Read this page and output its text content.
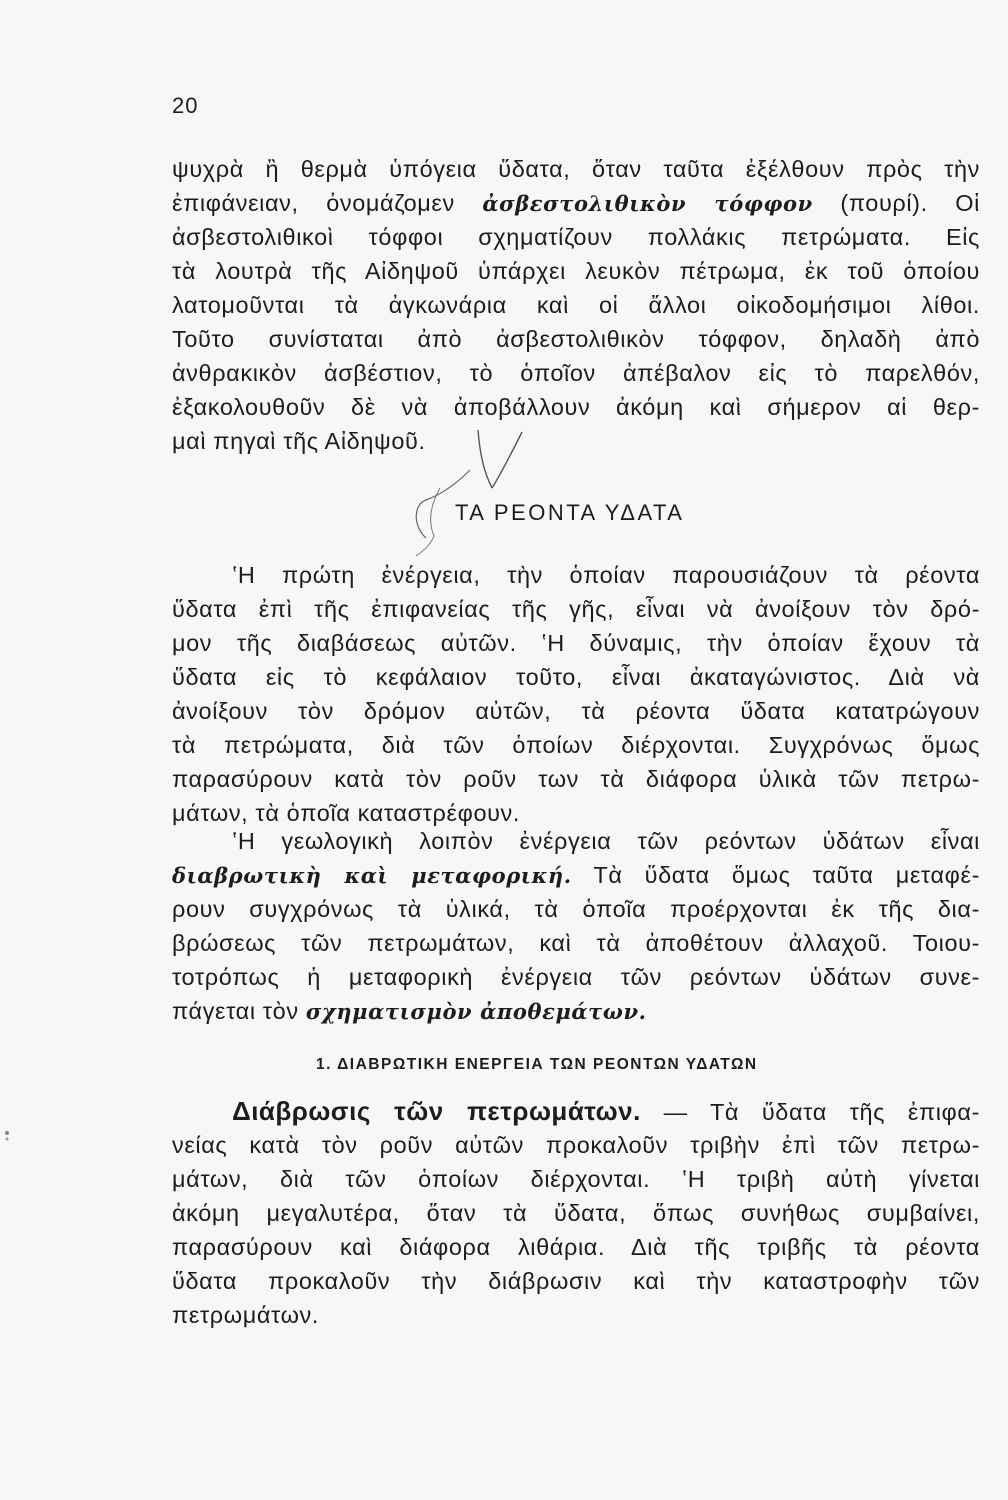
20
ψυχρὰ ἢ θερμὰ ὑπόγεια ὕδατα, ὅταν ταῦτα ἐξέλθουν πρὸς τὴν
ἐπιφάνειαν, ὀνομάζομεν ἀσβεστολιθικὸν τόφφον (πουρί). Οἱ
ἀσβεστολιθικοὶ τόφφοι σχηματίζουν πολλάκις πετρώματα. Εἰς
τὰ λουτρὰ τῆς Αἰδηψοῦ ὑπάρχει λευκὸν πέτρωμα, ἐκ τοῦ ὁποίου
λατομοῦνται τὰ ἀγκωνάρια καὶ οἱ ἄλλοι οἰκοδομήσιμοι λίθοι.
Τοῦτο συνίσταται ἀπὸ ἀσβεστολιθικὸν τόφφον, δηλαδὴ ἀπὸ
ἀνθρακικὸν ἀσβέστιον, τὸ ὁποῖον ἀπέβαλον εἰς τὸ παρελθόν,
ἐξακολουθοῦν δὲ νὰ ἀποβάλλουν ἀκόμη καὶ σήμερον αἱ θερ-
μαὶ πηγαὶ τῆς Αἰδηψοῦ.
ΤΑ ΡΕΟΝΤΑ ΥΔΑΤΑ
ʽΗ πρώτη ἐνέργεια, τὴν ὁποίαν παρουσιάζουν τὰ ρέοντα
ὕδατα ἐπὶ τῆς ἐπιφανείας τῆς γῆς, εἶναι νὰ ἀνοίξουν τὸν δρό-
μον τῆς διαβάσεως αὐτῶν. ʽΗ δύναμις, τὴν ὁποίαν ἔχουν τὰ
ὕδατα εἰς τὸ κεφάλαιον τοῦτο, εἶναι ἀκαταγώνιστος. Διὰ νὰ
ἀνοίξουν τὸν δρόμον αὐτῶν, τὰ ρέοντα ὕδατα κατατρώγουν
τὰ πετρώματα, διὰ τῶν ὁποίων διέρχονται. Συγχρόνως ὅμως
παρασύρουν κατὰ τὸν ροῦν των τὰ διάφορα ὑλικὰ τῶν πετρω-
μάτων, τὰ ὁποῖα καταστρέφουν.
ʽΗ γεωλογικὴ λοιπὸν ἐνέργεια τῶν ρεόντων ὑδάτων εἶναι
διαβρωτικὴ καὶ μεταφορική. Τὰ ὕδατα ὅμως ταῦτα μεταφέ-
ρουν συγχρόνως τὰ ὑλικά, τὰ ὁποῖα προέρχονται ἐκ τῆς δια-
βρώσεως τῶν πετρωμάτων, καὶ τὰ ἀποθέτουν ἀλλαχοῦ. Τοιου-
τοτρόπως ἡ μεταφορικὴ ἐνέργεια τῶν ρεόντων ὑδάτων συνε-
πάγεται τὸν σχηματισμὸν ἀποθεμάτων.
1. ΔΙΑΒΡΩΤΙΚΗ ΕΝΕΡΓΕΙΑ ΤΩΝ ΡΕΟΝΤΩΝ ΥΔΑΤΩΝ
Διάβρωσις τῶν πετρωμάτων. — Τὰ ὕδατα τῆς ἐπιφα-
νείας κατὰ τὸν ροῦν αὐτῶν προκαλοῦν τριβὴν ἐπὶ τῶν πετρω-
μάτων, διὰ τῶν ὁποίων διέρχονται. ʽΗ τριβὴ αὐτὴ γίνεται
ἀκόμη μεγαλυτέρα, ὅταν τὰ ὕδατα, ὅπως συνήθως συμβαίνει,
παρασύρουν καὶ διάφορα λιθάρια. Διὰ τῆς τριβῆς τὰ ρέοντα
ὕδατα προκαλοῦν τὴν διάβρωσιν καὶ τὴν καταστροφὴν τῶν
πετρωμάτων.
